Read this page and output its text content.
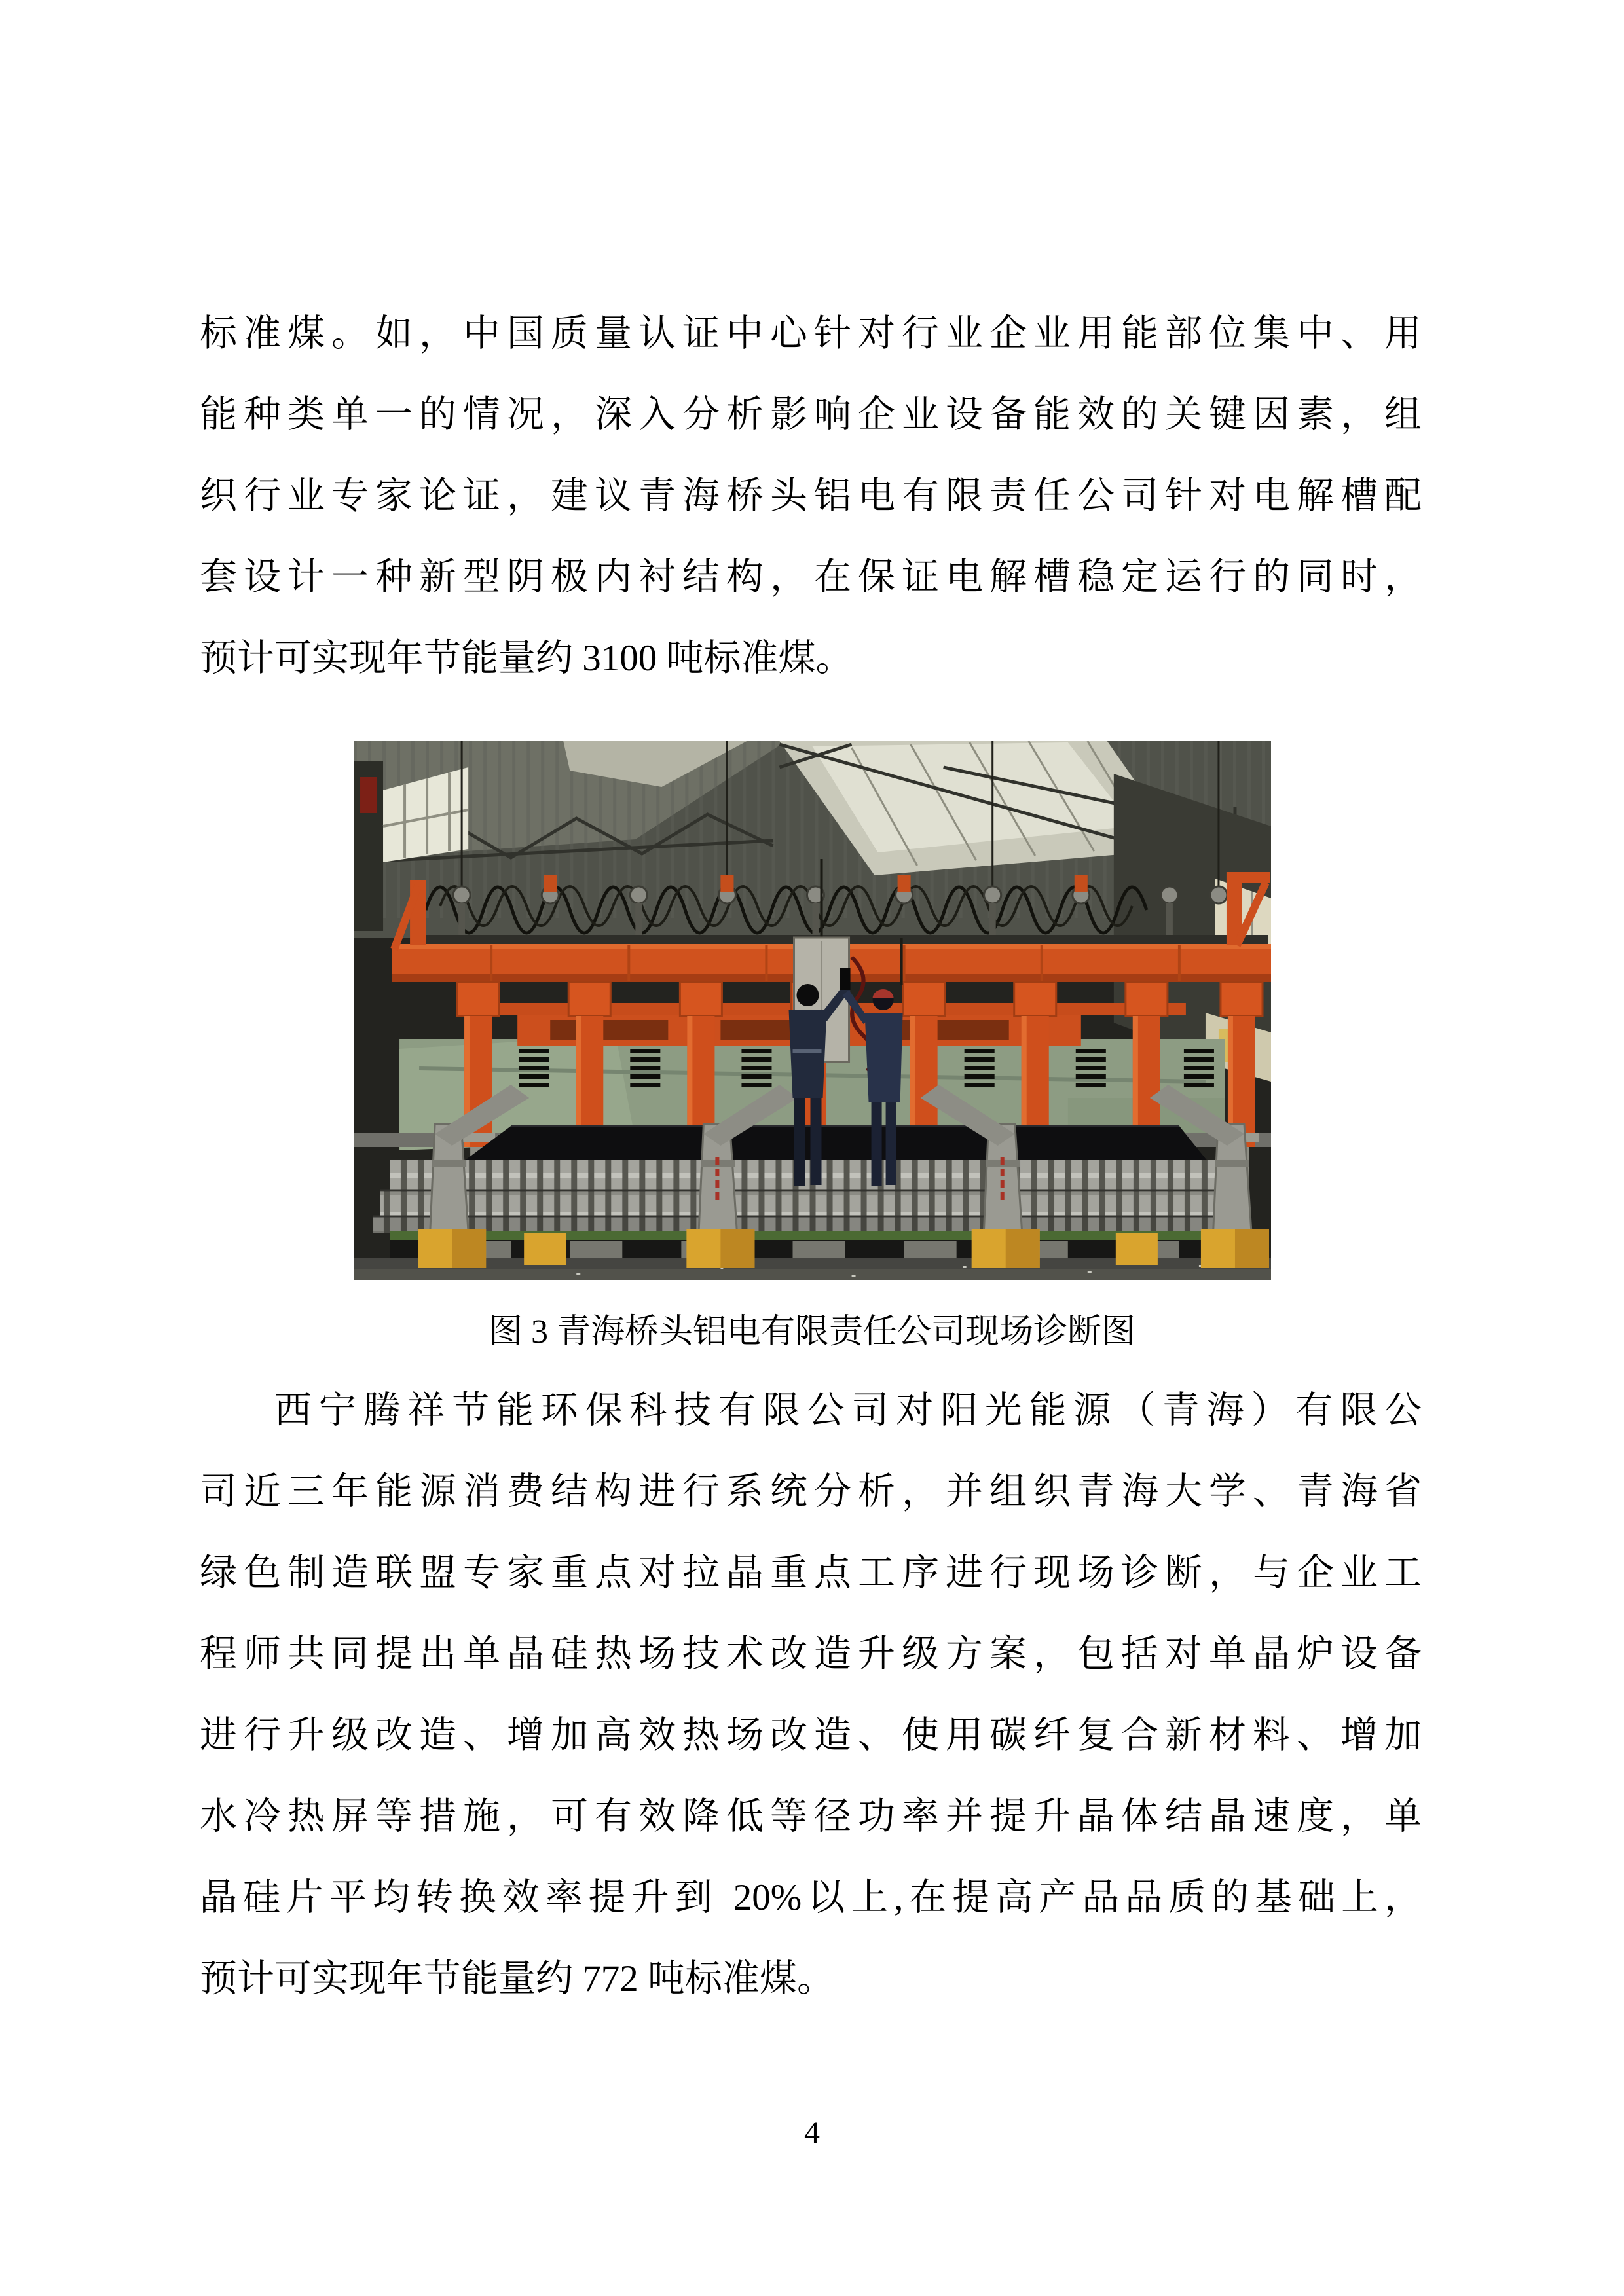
标准煤。如，中国质量认证中心针对行业企业用能部位集中、用
能种类单一的情况，深入分析影响企业设备能效的关键因素，组
织行业专家论证，建议青海桥头铝电有限责任公司针对电解槽配
套设计一种新型阴极内衬结构，在保证电解槽稳定运行的同时，
预计可实现年节能量约 3100 吨标准煤。
图 3 青海桥头铝电有限责任公司现场诊断图
西宁腾祥节能环保科技有限公司对阳光能源（青海）有限公
司近三年能源消费结构进行系统分析，并组织青海大学、青海省
绿色制造联盟专家重点对拉晶重点工序进行现场诊断，与企业工
程师共同提出单晶硅热场技术改造升级方案，包括对单晶炉设备
进行升级改造、增加高效热场改造、使用碳纤复合新材料、增加
水冷热屏等措施，可有效降低等径功率并提升晶体结晶速度，单
晶硅片平均转换效率提升到 20%以上,在提高产品品质的基础上，
预计可实现年节能量约 772 吨标准煤。
4
